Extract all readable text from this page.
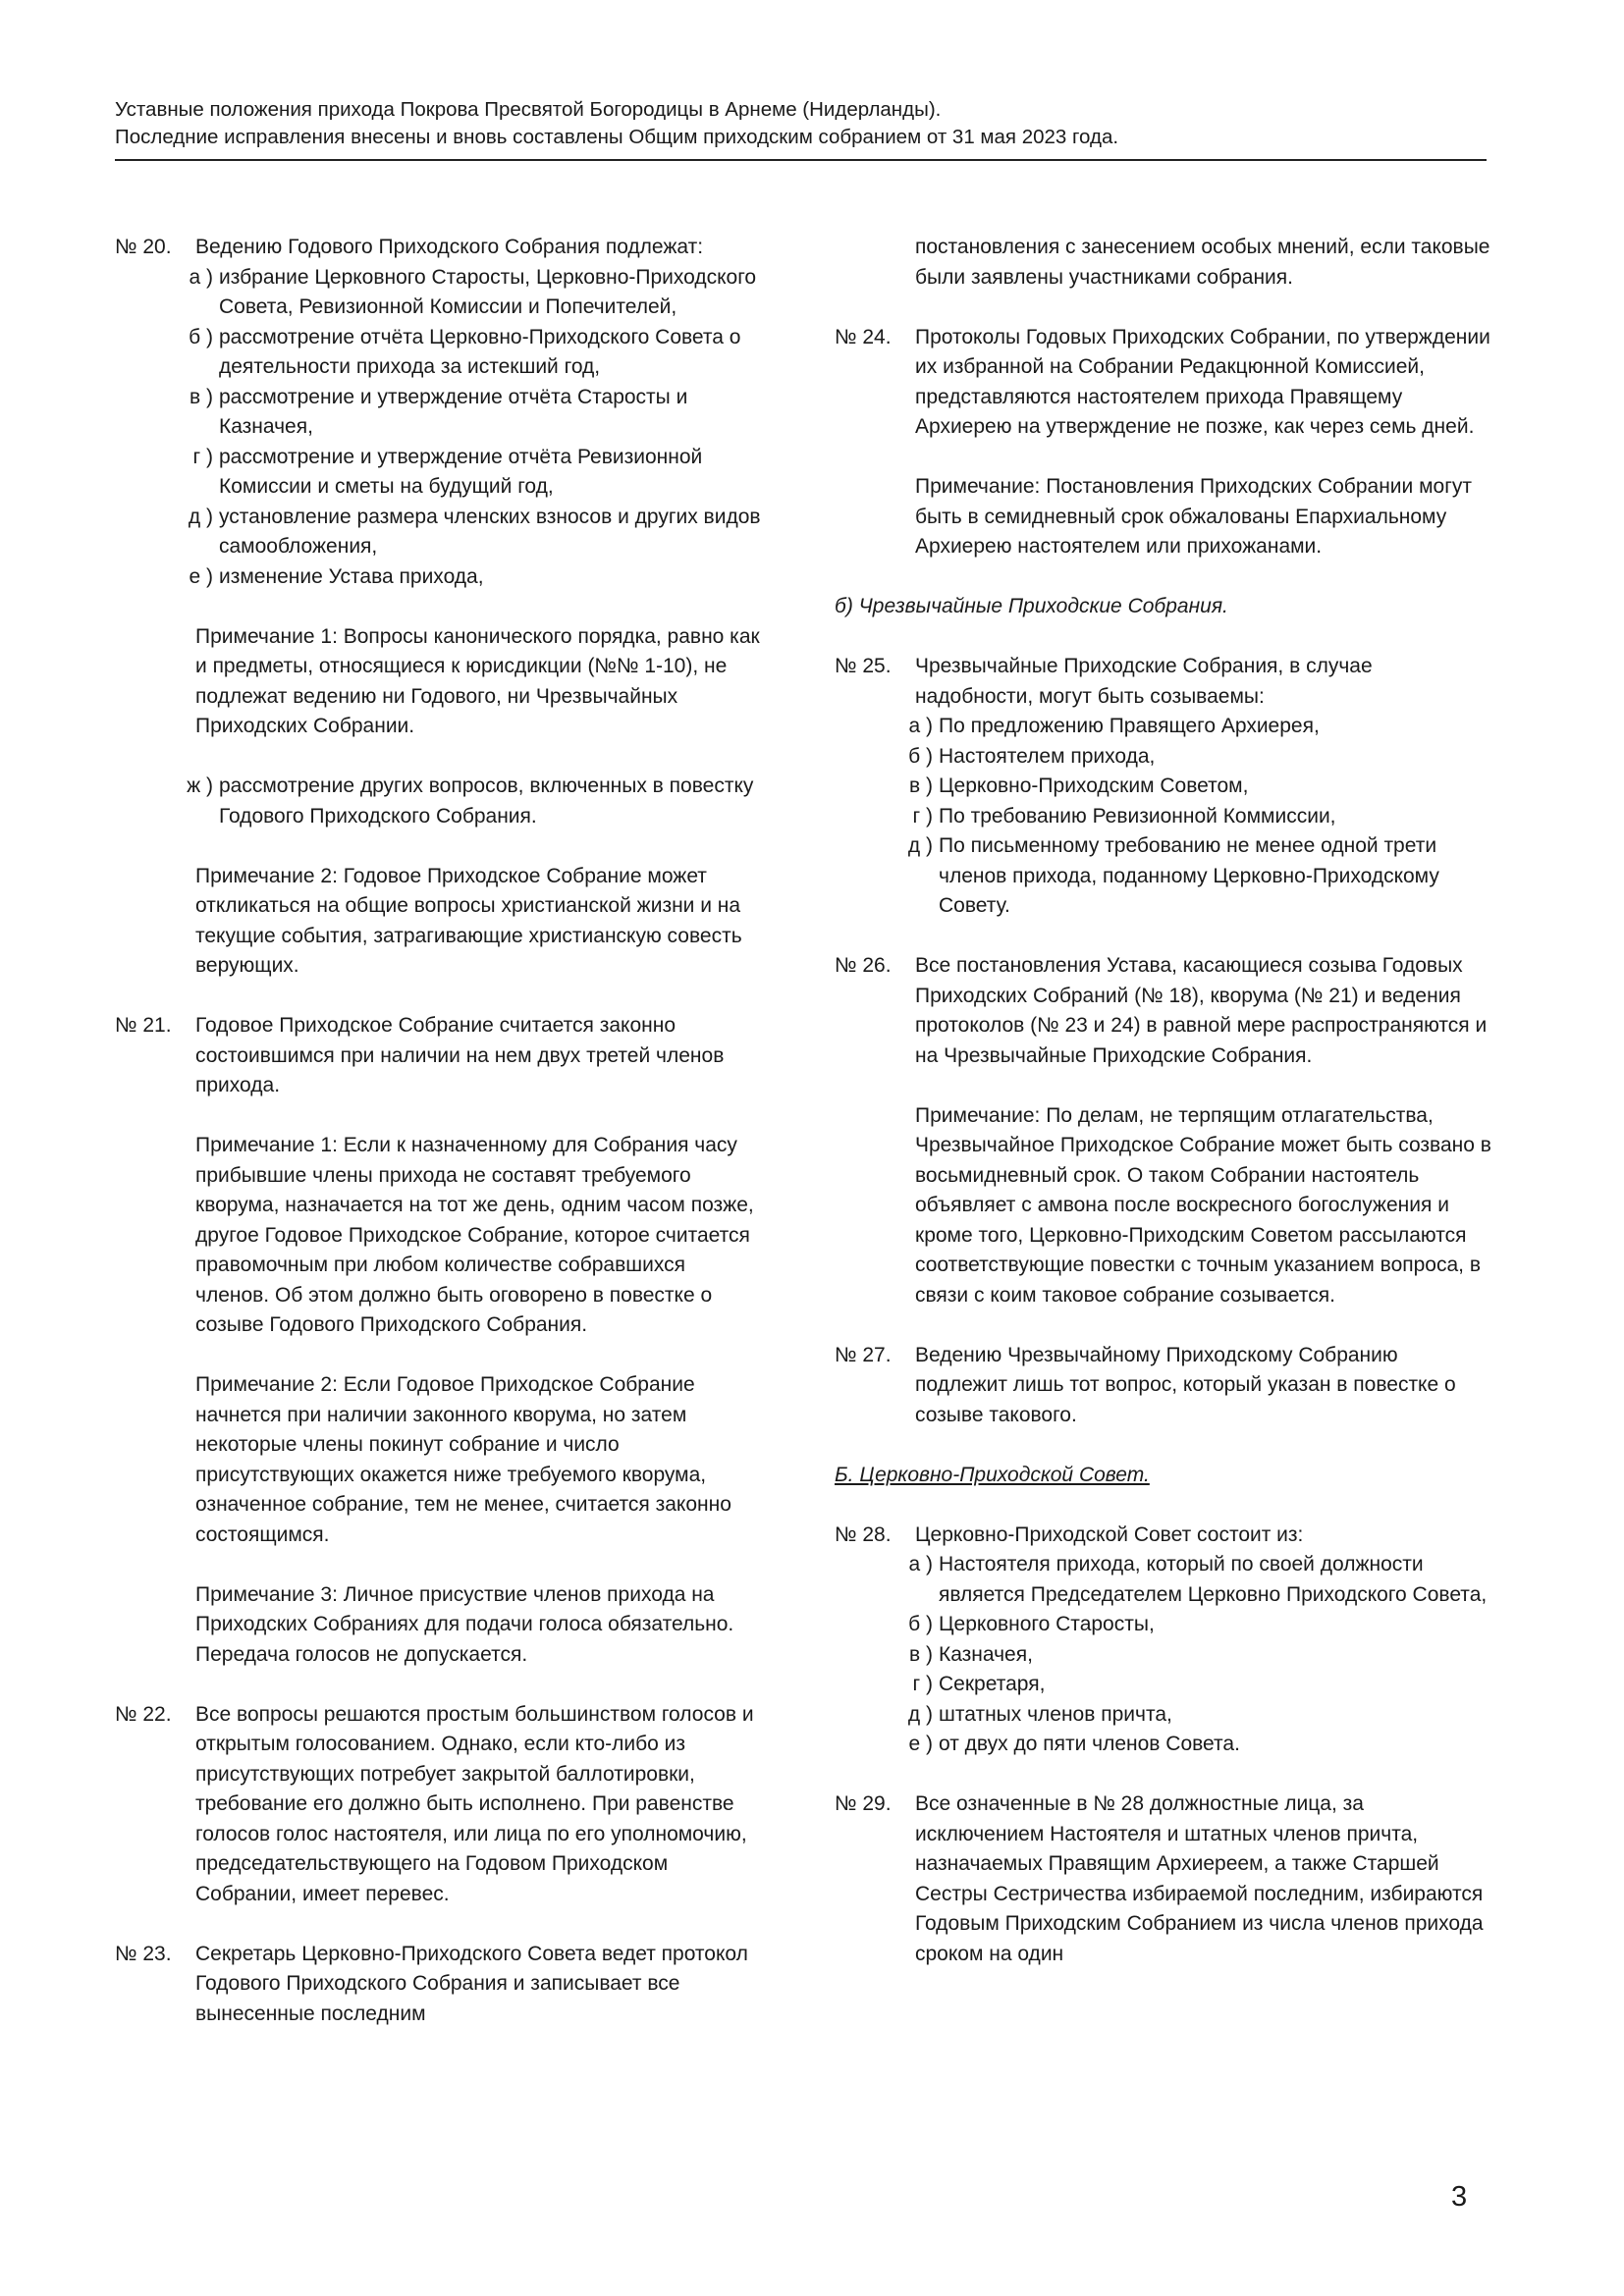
Уставные положения прихода Покрова Пресвятой Богородицы в Арнеме (Нидерланды).
Последние исправления внесены и вновь составлены Общим приходским собранием от 31 мая 2023 года.
№ 20. Ведению Годового Приходского Собрания подлежат:
а ) избрание Церковного Старосты, Церковно-Приходского Совета, Ревизионной Комиссии и Попечителей,
б ) рассмотрение отчёта Церковно-Приходского Совета о деятельности прихода за истекший год,
в ) рассмотрение и утверждение отчёта Старосты и Казначея,
г ) рассмотрение и утверждение отчёта Ревизионной Комиссии и сметы на будущий год,
д ) установление размера членских взносов и других видов самообложения,
е ) изменение Устава прихода,
Примечание 1: Вопросы канонического порядка, равно как и предметы, относящиеся к юрисдикции (№№ 1-10), не подлежат ведению ни Годового, ни Чрезвычайных Приходских Собрании.
ж ) рассмотрение других вопросов, включенных в повестку Годового Приходского Собрания.
Примечание 2: Годовое Приходское Собрание может откликаться на общие вопросы христианской жизни и на текущие события, затрагивающие христианскую совесть верующих.
№ 21. Годовое Приходское Собрание считается законно состоившимся при наличии на нем двух третей членов прихода.
Примечание 1: Если к назначенному для Собрания часу прибывшие члены прихода не составят требуемого кворума, назначается на тот же день, одним часом позже, другое Годовое Приходское Собрание, которое считается правомочным при любом количестве собравшихся членов. Об этом должно быть оговорено в повестке о созыве Годового Приходского Собрания.
Примечание 2: Если Годовое Приходское Собрание начнется при наличии законного кворума, но затем некоторые члены покинут собрание и число присутствующих окажется ниже требуемого кворума, означенное собрание, тем не менее, считается законно состоящимся.
Примечание 3: Личное присуствие членов прихода на Приходских Собраниях для подачи голоса обязательно. Передача голосов не допускается.
№ 22. Все вопросы решаются простым большинством голосов и открытым голосованием. Однако, если кто-либо из присутствующих потребует закрытой баллотировки, требование его должно быть исполнено. При равенстве голосов голос настоятеля, или лица по его уполномочию, председательствующего на Годовом Приходском Собрании, имеет перевес.
№ 23. Секретарь Церковно-Приходского Совета ведет протокол Годового Приходского Собрания и записывает все вынесенные последним
постановления с занесением особых мнений, если таковые были заявлены участниками собрания.
№ 24. Протоколы Годовых Приходских Собрании, по утверждении их избранной на Собрании Редакцюнной Комиссией, представляются настоятелем прихода Правящему Архиерею на утверждение не позже, как через семь дней.
Примечание: Постановления Приходских Собрании могут быть в семидневный срок обжалованы Епархиальному Архиерею настоятелем или прихожанами.
б) Чрезвычайные Приходские Собрания.
№ 25. Чрезвычайные Приходские Собрания, в случае надобности, могут быть созываемы:
а ) По предложению Правящего Архиерея,
б ) Настоятелем прихода,
в ) Церковно-Приходским Советом,
г ) По требованию Ревизионной Коммиссии,
д ) По письменному требованию не менее одной трети членов прихода, поданному Церковно-Приходскому Совету.
№ 26. Все постановления Устава, касающиеся созыва Годовых Приходских Собраний (№ 18), кворума (№ 21) и ведения протоколов (№ 23 и 24) в равной мере распространяются и на Чрезвычайные Приходские Собрания.
Примечание: По делам, не терпящим отлагательства, Чрезвычайное Приходское Собрание может быть созвано в восьмидневный срок. О таком Собрании настоятель объявляет с амвона после воскресного богослужения и кроме того, Церковно-Приходским Советом рассылаются соответствующие повестки с точным указанием вопроса, в связи с коим таковое собрание созывается.
№ 27. Ведению Чрезвычайному Приходскому Собранию подлежит лишь тот вопрос, который указан в повестке о созыве такового.
Б. Церковно-Приходской Совет.
№ 28. Церковно-Приходской Совет состоит из:
а ) Настоятеля прихода, который по своей должности является Председателем Церковно Приходского Совета,
б ) Церковного Старосты,
в ) Казначея,
г ) Секретаря,
д ) штатных членов причта,
е ) от двух до пяти членов Совета.
№ 29. Все означенные в № 28 должностные лица, за исключением Настоятеля и штатных членов причта, назначаемых Правящим Архиереем, а также Старшей Сестры Сестричества избираемой последним, избираются Годовым Приходским Собранием из числа членов прихода сроком на один
3
